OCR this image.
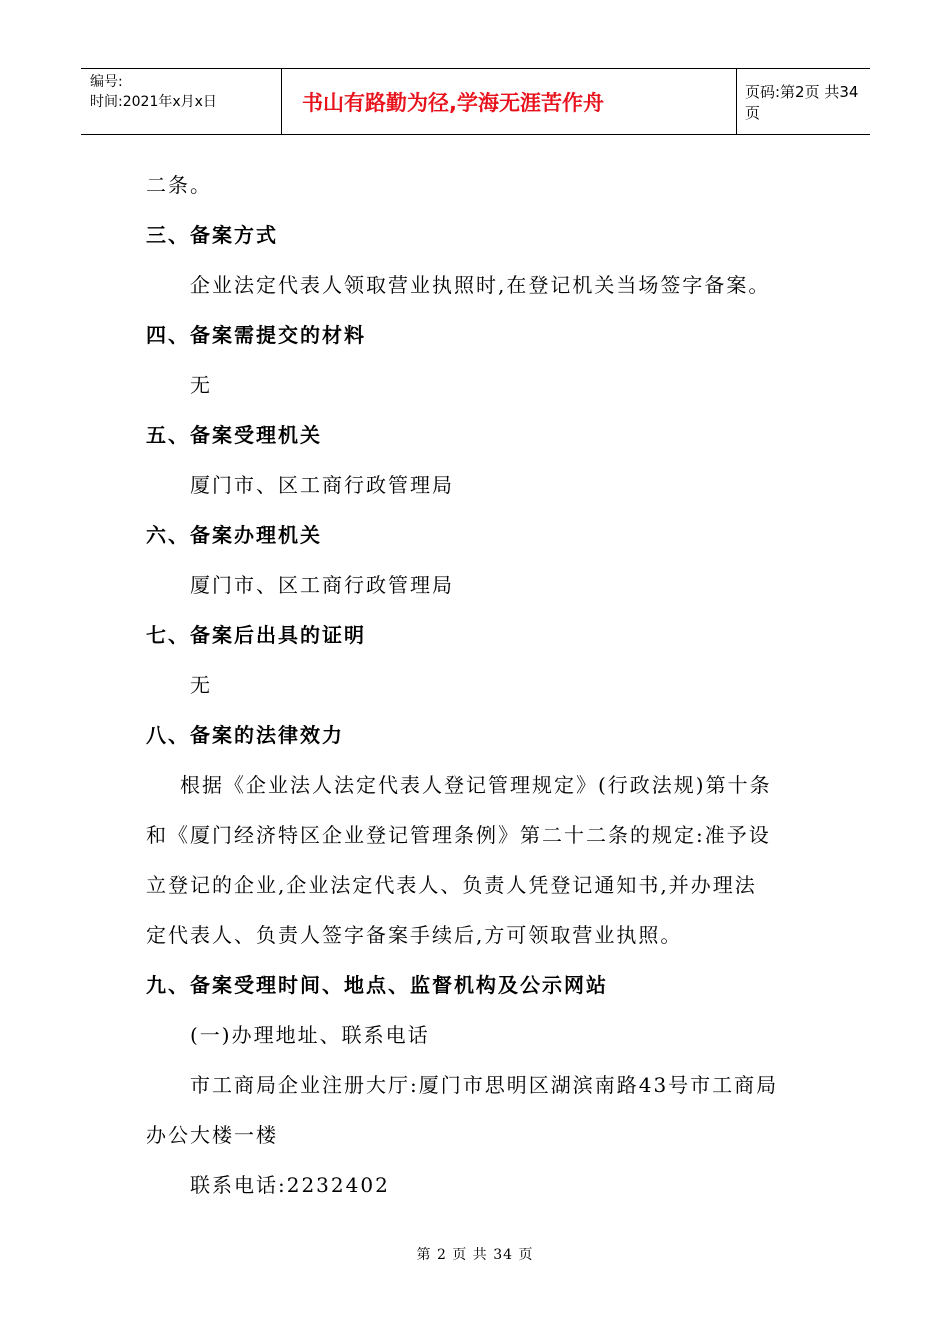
编号:
时间:2021年x月x日	书山有路勤为径,学海无涯苦作舟	页码:第2页 共34页

二条。

三、备案方式

企业法定代表人领取营业执照时,在登记机关当场签字备案。

四、备案需提交的材料

无

五、备案受理机关

厦门市、区工商行政管理局

六、备案办理机关

厦门市、区工商行政管理局

七、备案后出具的证明

无

八、备案的法律效力

根据《企业法人法定代表人登记管理规定》(行政法规)第十条

和《厦门经济特区企业登记管理条例》第二十二条的规定:准予设

立登记的企业,企业法定代表人、负责人凭登记通知书,并办理法

定代表人、负责人签字备案手续后,方可领取营业执照。

九、备案受理时间、地点、监督机构及公示网站

(一)办理地址、联系电话

市工商局企业注册大厅:厦门市思明区湖滨南路43号市工商局

办公大楼一楼

联系电话:2232402

第 2 页 共 34 页
